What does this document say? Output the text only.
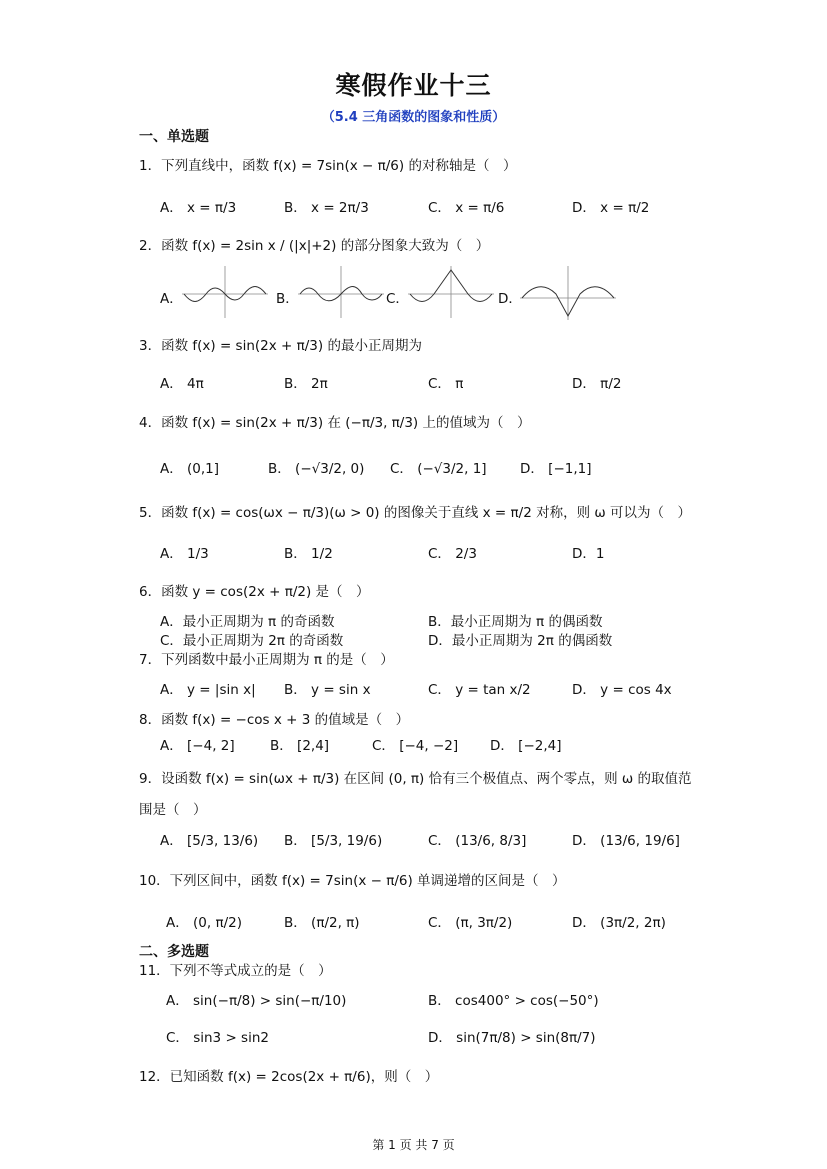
寒假作业十三
（5.4 三角函数的图象和性质）
一、单选题
1．下列直线中，函数 f(x) = 7sin(x − π/6) 的对称轴是（　）
A． x = π/3	B． x = 2π/3	C． x = π/6	D． x = π/2
2．函数 f(x) = 2sin x / (|x|+2) 的部分图象大致为（　）
A．	B．	C．	D．
3．函数 f(x) = sin(2x + π/3) 的最小正周期为
A． 4π	B． 2π	C． π	D． π/2
4．函数 f(x) = sin(2x + π/3) 在 (−π/3, π/3) 上的值域为（　）
A． (0,1]	B． (−√3/2, 0) C． (−√3/2, 1] D． [−1,1]
5．函数 f(x) = cos(ωx − π/3)(ω > 0) 的图像关于直线 x = π/2 对称，则 ω 可以为（　）
A． 1/3	B． 1/2	C． 2/3	D．1
6．函数 y = cos(2x + π/2) 是（　）
A．最小正周期为 π 的奇函数	B．最小正周期为 π 的偶函数
C．最小正周期为 2π 的奇函数	D．最小正周期为 2π 的偶函数
7．下列函数中最小正周期为 π 的是（　）
A． y = |sin x| B． y = sin x	C． y = tan x/2	D． y = cos 4x
8．函数 f(x) = −cos x + 3 的值域是（　）
A． [−4, 2]	B． [2,4]	C． [−4, −2] D． [−2,4]
9．设函数 f(x) = sin(ωx + π/3) 在区间 (0, π) 恰有三个极值点、两个零点，则 ω 的取值范
围是（　）
A． [5/3, 13/6) B． [5/3, 19/6)	C． (13/6, 8/3]	D． (13/6, 19/6]
10．下列区间中，函数 f(x) = 7sin(x − π/6) 单调递增的区间是（　）
A． (0, π/2)	B． (π/2, π)	C． (π, 3π/2)	D． (3π/2, 2π)
二、多选题
11．下列不等式成立的是（　）
A． sin(−π/8) > sin(−π/10)	B． cos400° > cos(−50°)
C． sin3 > sin2	D． sin(7π/8) > sin(8π/7)
12．已知函数 f(x) = 2cos(2x + π/6)，则（　）
第 1 页 共 7 页
